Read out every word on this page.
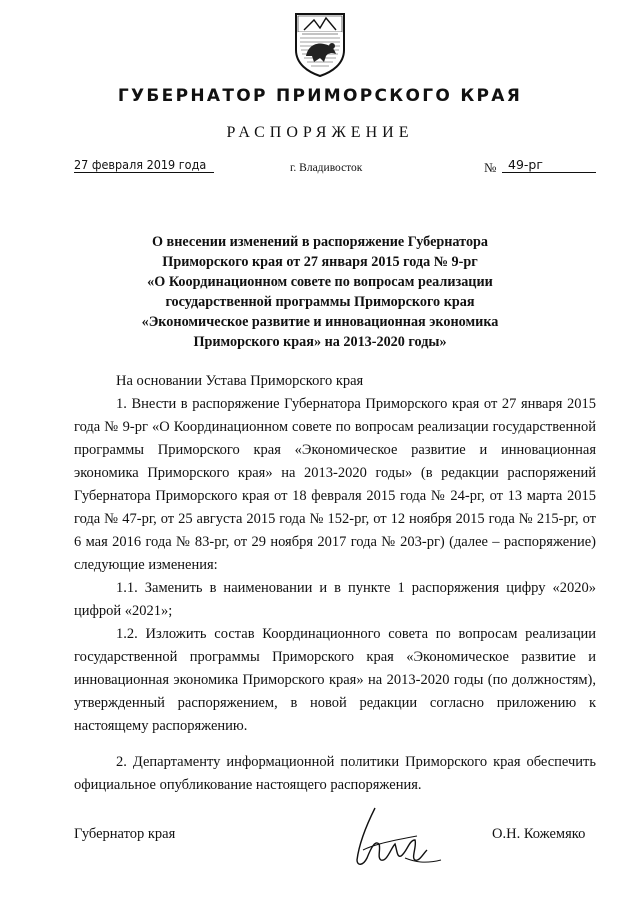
ГУБЕРНАТОР ПРИМОРСКОГО КРАЯ
РАСПОРЯЖЕНИЕ
27 февраля 2019 года	г. Владивосток	№ 49-рг
О внесении изменений в распоряжение Губернатора
Приморского края от 27 января 2015 года № 9-рг
«О Координационном совете по вопросам реализации
государственной программы Приморского края
«Экономическое развитие и инновационная экономика
Приморского края» на 2013-2020 годы»
На основании Устава Приморского края
1. Внести в распоряжение Губернатора Приморского края от 27 января 2015 года № 9-рг «О Координационном совете по вопросам реализации государственной программы Приморского края «Экономическое развитие и инновационная экономика Приморского края» на 2013-2020 годы» (в редакции распоряжений Губернатора Приморского края от 18 февраля 2015 года № 24-рг, от 13 марта 2015 года № 47-рг, от 25 августа 2015 года № 152-рг, от 12 ноября 2015 года № 215-рг, от 6 мая 2016 года № 83-рг, от 29 ноября 2017 года № 203-рг) (далее – распоряжение) следующие изменения:
1.1. Заменить в наименовании и в пункте 1 распоряжения цифру «2020» цифрой «2021»;
1.2. Изложить состав Координационного совета по вопросам реализации государственной программы Приморского края «Экономическое развитие и инновационная экономика Приморского края» на 2013-2020 годы (по должностям), утвержденный распоряжением, в новой редакции согласно приложению к настоящему распоряжению.
2. Департаменту информационной политики Приморского края обеспечить официальное опубликование настоящего распоряжения.
Губернатор края	О.Н. Кожемяко
